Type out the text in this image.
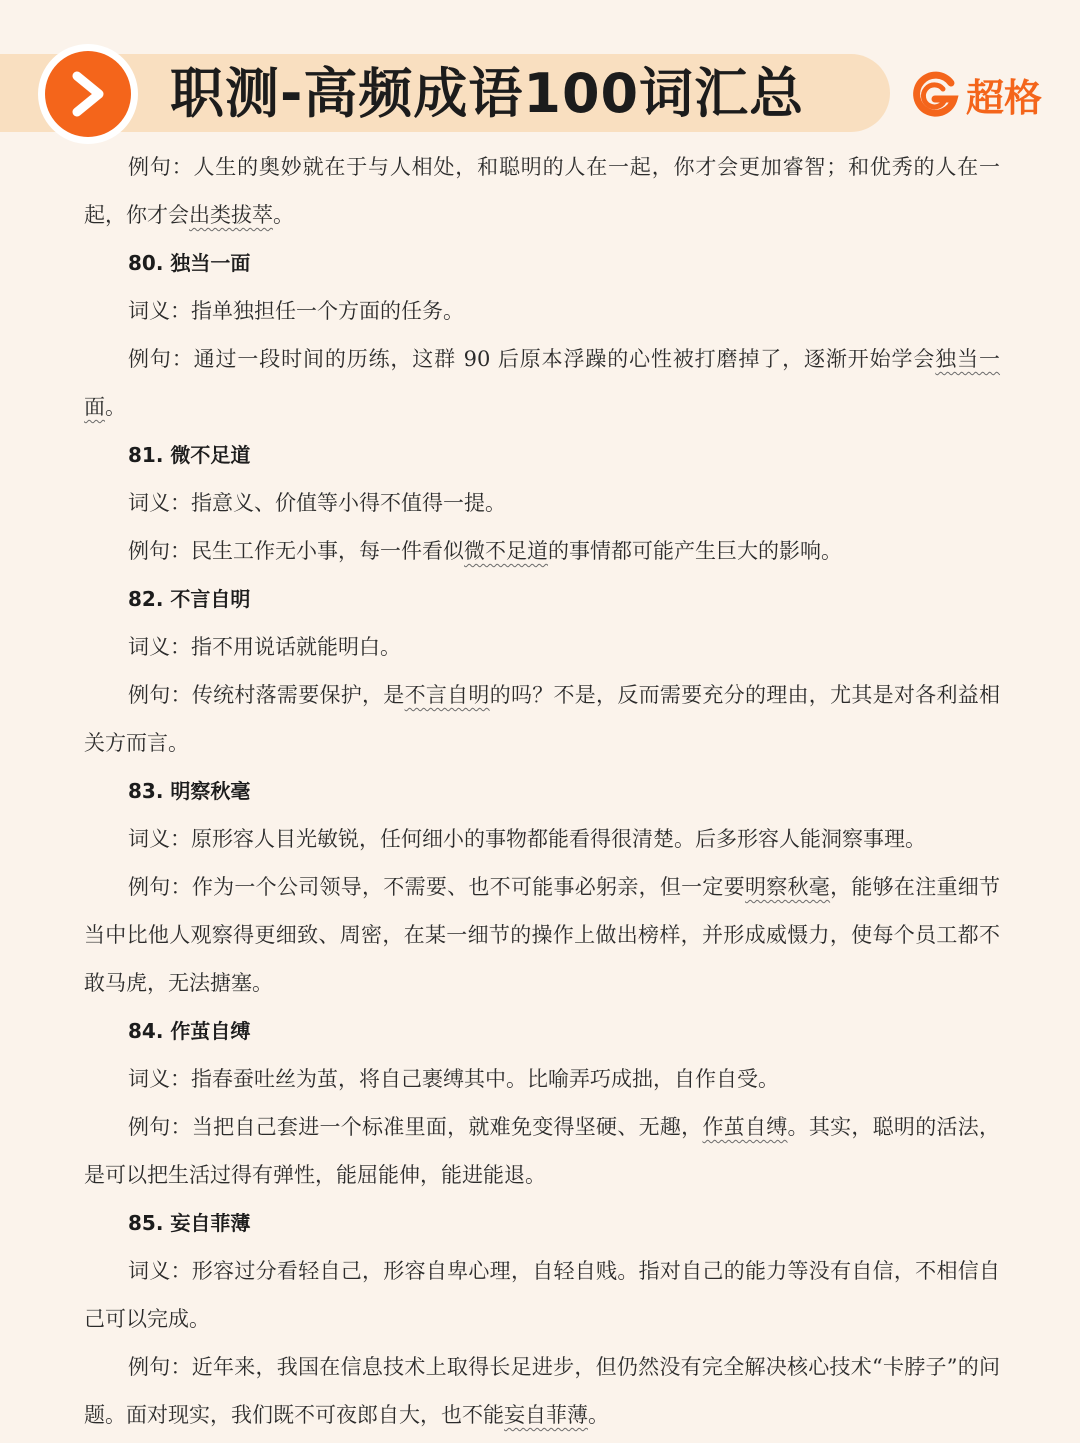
职测-高频成语100词汇总	超格

例句：人生的奥妙就在于与人相处，和聪明的人在一起，你才会更加睿智；和优秀的人在一起，你才会出类拔萃。

80. 独当一面

词义：指单独担任一个方面的任务。

例句：通过一段时间的历练，这群 90 后原本浮躁的心性被打磨掉了，逐渐开始学会独当一面。

81. 微不足道

词义：指意义、价值等小得不值得一提。

例句：民生工作无小事，每一件看似微不足道的事情都可能产生巨大的影响。

82. 不言自明

词义：指不用说话就能明白。

例句：传统村落需要保护，是不言自明的吗？不是，反而需要充分的理由，尤其是对各利益相关方而言。

83. 明察秋毫

词义：原形容人目光敏锐，任何细小的事物都能看得很清楚。后多形容人能洞察事理。

例句：作为一个公司领导，不需要、也不可能事必躬亲，但一定要明察秋毫，能够在注重细节当中比他人观察得更细致、周密，在某一细节的操作上做出榜样，并形成威慑力，使每个员工都不敢马虎，无法搪塞。

84. 作茧自缚

词义：指春蚕吐丝为茧，将自己裹缚其中。比喻弄巧成拙，自作自受。

例句：当把自己套进一个标准里面，就难免变得坚硬、无趣，作茧自缚。其实，聪明的活法，是可以把生活过得有弹性，能屈能伸，能进能退。

85. 妄自菲薄

词义：形容过分看轻自己，形容自卑心理，自轻自贱。指对自己的能力等没有自信，不相信自己可以完成。

例句：近年来，我国在信息技术上取得长足进步，但仍然没有完全解决核心技术“卡脖子”的问题。面对现实，我们既不可夜郎自大，也不能妄自菲薄。
